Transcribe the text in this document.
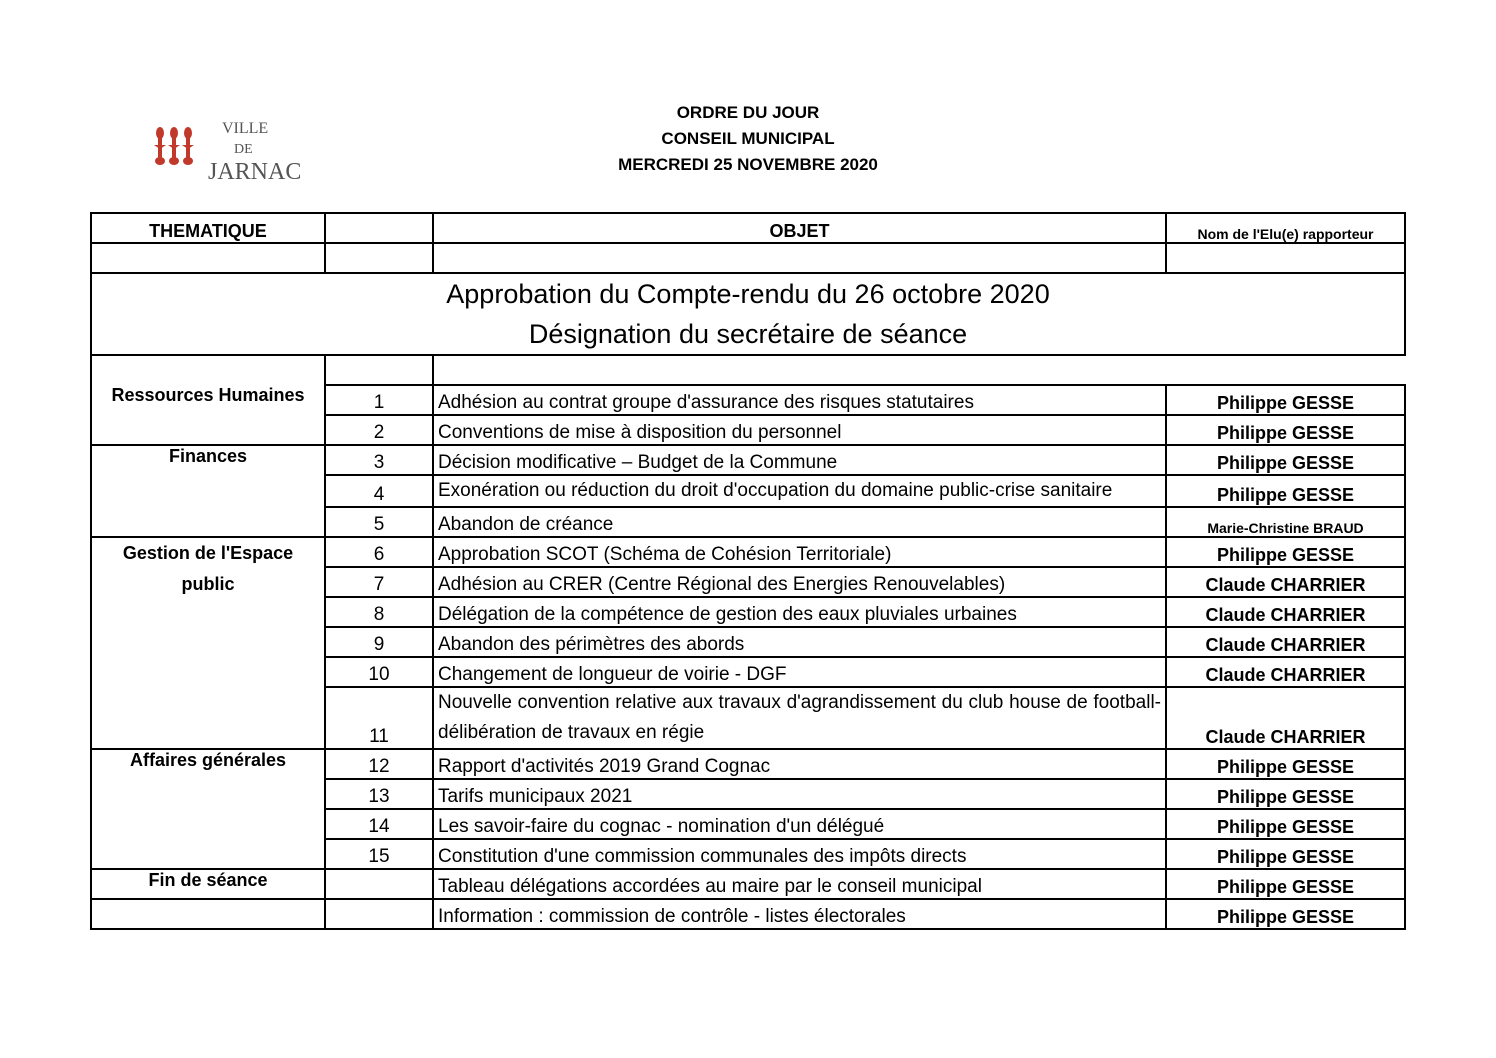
VILLE
DE
JARNAC
ORDRE DU JOUR
CONSEIL MUNICIPAL
MERCREDI 25 NOVEMBRE 2020
THEMATIQUE		OBJET	Nom de l'Elu(e) rapporteur

Approbation du Compte-rendu du 26 octobre 2020
Désignation du secrétaire de séance			

Ressources Humaines	1	Adhésion au contrat groupe d'assurance des risques statutaires	Philippe GESSE
	2	Conventions de mise à disposition du personnel	Philippe GESSE
Finances	3	Décision modificative – Budget de la Commune	Philippe GESSE
	4	Exonération ou réduction du droit d'occupation du domaine public-crise sanitaire	Philippe GESSE
	5	Abandon de créance	Marie-Christine BRAUD
Gestion de l'Espace public	6	Approbation SCOT (Schéma de Cohésion Territoriale)	Philippe GESSE
	7	Adhésion au CRER (Centre Régional des Energies Renouvelables)	Claude CHARRIER
	8	Délégation de la compétence de gestion des eaux pluviales urbaines	Claude CHARRIER
	9	Abandon des périmètres des abords	Claude CHARRIER
	10	Changement de longueur de voirie - DGF	Claude CHARRIER
	11	Nouvelle convention relative aux travaux d'agrandissement du club house de football- délibération de travaux en régie	Claude CHARRIER
Affaires générales	12	Rapport d'activités 2019 Grand Cognac	Philippe GESSE
	13	Tarifs municipaux 2021	Philippe GESSE
	14	Les savoir-faire du cognac - nomination d'un délégué	Philippe GESSE
	15	Constitution d'une commission communales des impôts directs	Philippe GESSE
Fin de séance		Tableau délégations accordées au maire par le conseil municipal	Philippe GESSE
		Information : commission de contrôle - listes électorales	Philippe GESSE
